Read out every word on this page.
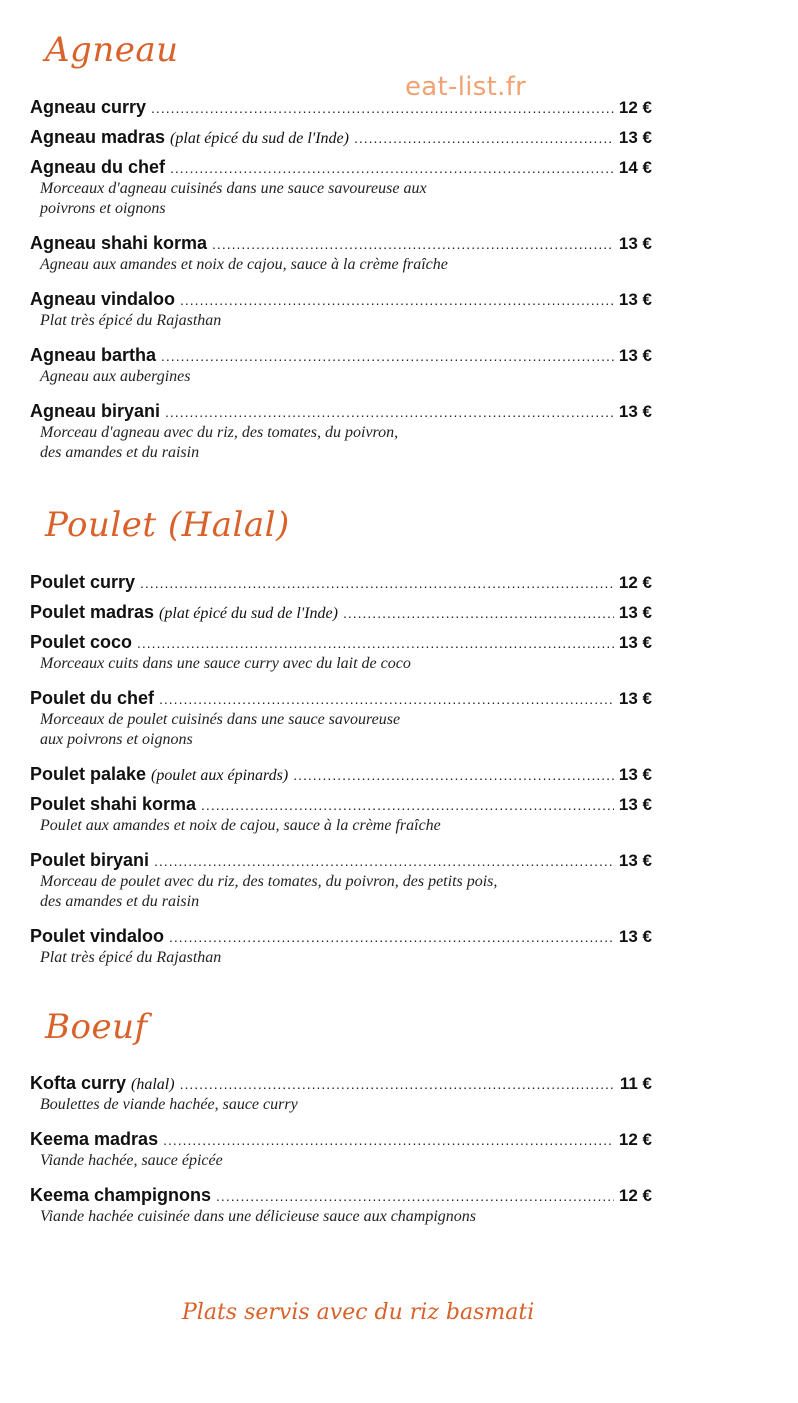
eat-list.fr
Agneau
Agneau curry .....	12 €
Agneau madras (plat épicé du sud de l'Inde) .....	13 €
Agneau du chef .....	14 €
Morceaux d'agneau cuisinés dans une sauce savoureuse aux
poivrons et oignons
Agneau shahi korma .....	13 €
Agneau aux amandes et noix de cajou, sauce à la crème fraîche
Agneau vindaloo .....	13 €
Plat très épicé du Rajasthan
Agneau bartha .....	13 €
Agneau aux aubergines
Agneau biryani .....	13 €
Morceau d'agneau avec du riz, des tomates, du poivron,
des amandes et du raisin
Poulet (Halal)
Poulet curry .....	12 €
Poulet madras (plat épicé du sud de l'Inde) .....	13 €
Poulet coco .....	13 €
Morceaux cuits dans une sauce curry avec du lait de coco
Poulet du chef .....	13 €
Morceaux de poulet cuisinés dans une sauce savoureuse
aux poivrons et oignons
Poulet palake (poulet aux épinards) .....	13 €
Poulet shahi korma .....	13 €
Poulet aux amandes et noix de cajou, sauce à la crème fraîche
Poulet biryani .....	13 €
Morceau de poulet avec du riz, des tomates, du poivron, des petits pois,
des amandes et du raisin
Poulet vindaloo .....	13 €
Plat très épicé du Rajasthan
Boeuf
Kofta curry (halal) .....	11 €
Boulettes de viande hachée, sauce curry
Keema madras .....	12 €
Viande hachée, sauce épicée
Keema champignons .....	12 €
Viande hachée cuisinée dans une délicieuse sauce aux champignons
Plats servis avec du riz basmati
